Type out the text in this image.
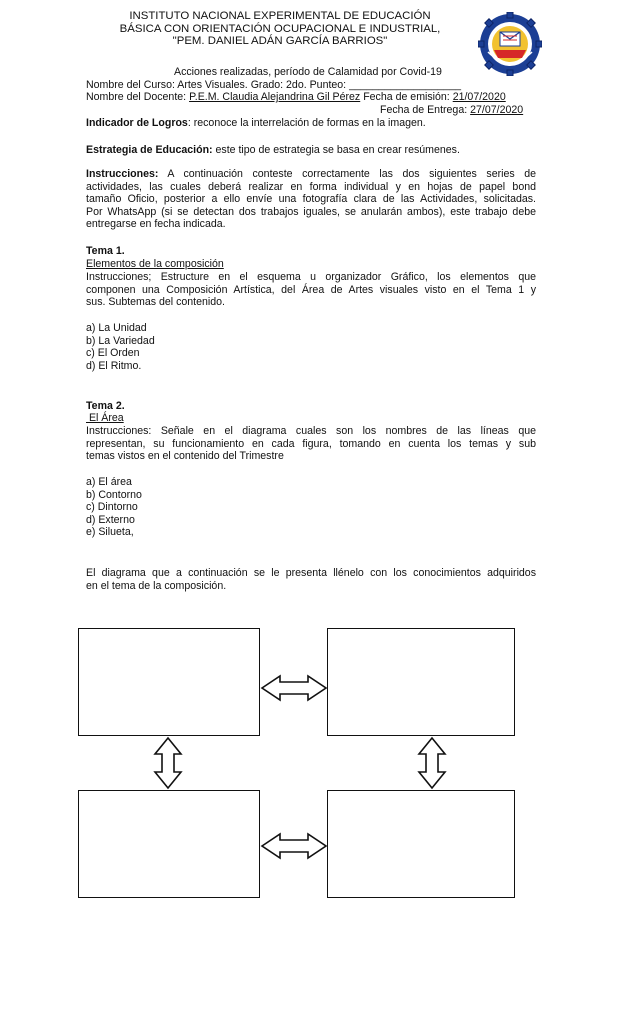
INSTITUTO NACIONAL EXPERIMENTAL DE EDUCACIÓN
BÁSICA CON ORIENTACIÓN OCUPACIONAL E INDUSTRIAL,
"PEM. DANIEL ADÁN GARCÍA BARRIOS"
Acciones realizadas, período de Calamidad por Covid-19
Nombre del Curso: Artes Visuales. Grado: 2do. Punteo: ___________________
Nombre del Docente: P.E.M. Claudia Alejandrina Gil Pérez Fecha de emisión: 21/07/2020
Fecha de Entrega: 27/07/2020
Indicador de Logros: reconoce la interrelación de formas en la imagen.
Estrategia de Educación: este tipo de estrategia se basa en crear resúmenes.
Instrucciones: A continuación conteste correctamente las dos siguientes series de
actividades, las cuales deberá realizar en forma individual y en hojas de papel bond
tamaño Oficio, posterior a ello envíe una fotografía clara de las Actividades, solicitadas.
Por WhatsApp (si se detectan dos trabajos iguales, se anularán ambos), este trabajo debe
entregarse en fecha indicada.
Tema 1.
Elementos de la composición
Instrucciones; Estructure en el esquema u organizador Gráfico, los elementos que
componen una Composición Artística, del Área de Artes visuales visto en el Tema 1 y
sus. Subtemas del contenido.
a) La Unidad
b) La Variedad
c) El Orden
d) El Ritmo.
Tema 2.
El Área
Instrucciones: Señale en el diagrama cuales son los nombres de las líneas que
representan, su funcionamiento en cada figura, tomando en cuenta los temas y sub
temas vistos en el contenido del Trimestre
a) El área
b) Contorno
c) Dintorno
d) Externo
e) Silueta,
El diagrama que a continuación se le presenta llénelo con los conocimientos adquiridos
en el tema de la composición.
